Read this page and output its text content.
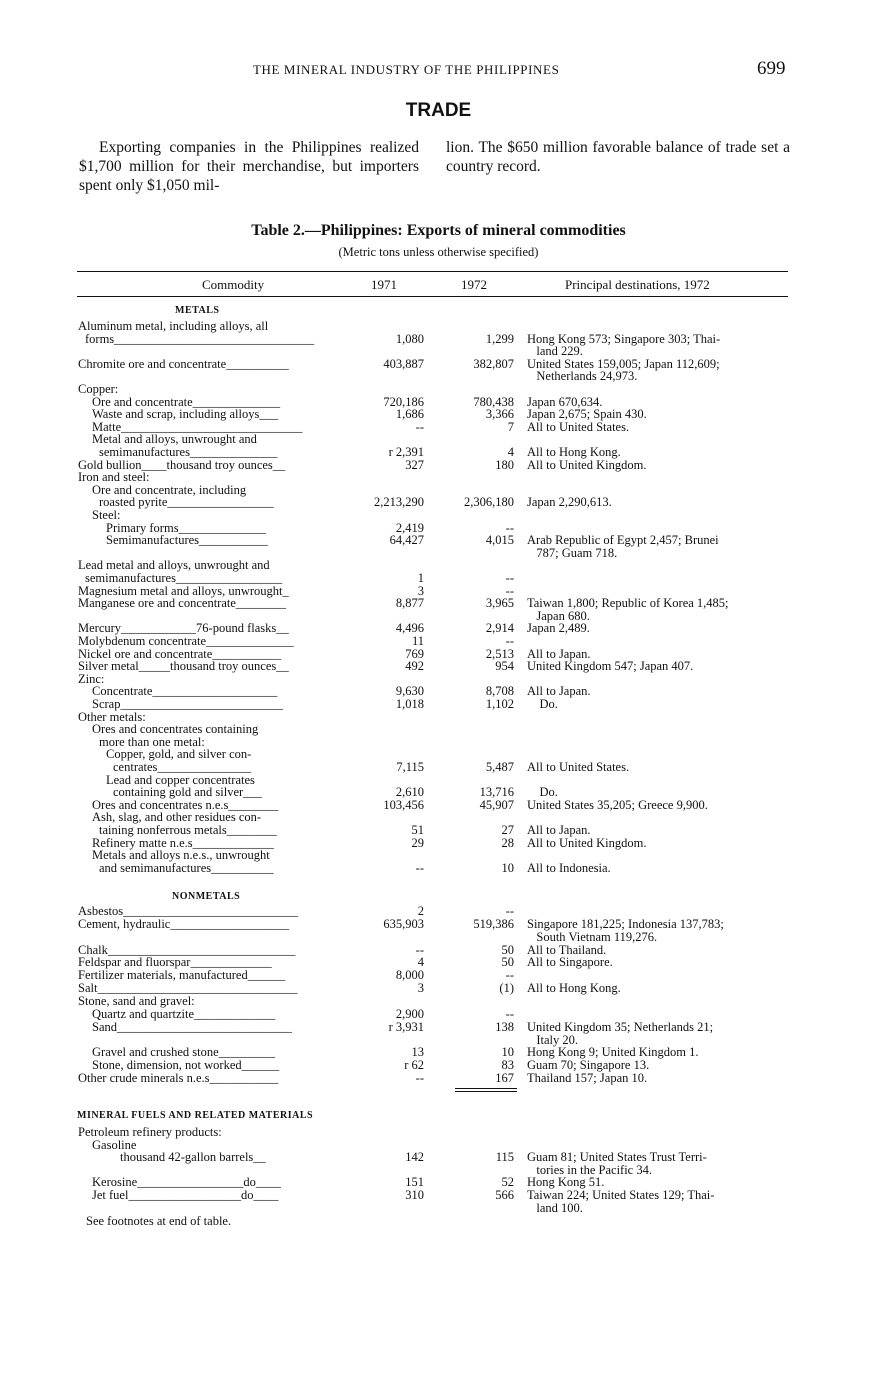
THE MINERAL INDUSTRY OF THE PHILIPPINES	699
TRADE
Exporting companies in the Philippines realized $1,700 million for their merchandise, but importers spent only $1,050 mil-
lion. The $650 million favorable balance of trade set a country record.
Table 2.—Philippines: Exports of mineral commodities
(Metric tons unless otherwise specified)
Commodity	1971	1972	Principal destinations, 1972
METALS
Aluminum metal, including alloys, all
forms________________________________	1,080	1,299 Hong Kong 573; Singapore 303; Thai-
land 229.
Chromite ore and concentrate__________	403,887	382,807 United States 159,005; Japan 112,609;
Netherlands 24,973.
Copper:
Ore and concentrate______________	720,186	780,438 Japan 670,634.
Waste and scrap, including alloys___	1,686	3,366 Japan 2,675; Spain 430.
Matte_____________________________	--	7 All to United States.
Metal and alloys, unwrought and
semimanufactures______________	r 2,391	4 All to Hong Kong.
Gold bullion____thousand troy ounces__	327	180 All to United Kingdom.
Iron and steel:
Ore and concentrate, including
roasted pyrite_________________	2,213,290	2,306,180 Japan 2,290,613.
Steel:
Primary forms______________	2,419	--
Semimanufactures___________	64,427	4,015 Arab Republic of Egypt 2,457; Brunei
787; Guam 718.
Lead metal and alloys, unwrought and
semimanufactures_________________	1	--
Magnesium metal and alloys, unwrought_	3	--
Manganese ore and concentrate________	8,877	3,965 Taiwan 1,800; Republic of Korea 1,485;
Japan 680.
Mercury____________76-pound flasks__	4,496	2,914 Japan 2,489.
Molybdenum concentrate______________	11	--
Nickel ore and concentrate___________	769	2,513 All to Japan.
Silver metal_____thousand troy ounces__	492	954 United Kingdom 547; Japan 407.
Zinc:
Concentrate____________________	9,630	8,708 All to Japan.
Scrap__________________________	1,018	1,102 Do.
Other metals:
Ores and concentrates containing
more than one metal:
Copper, gold, and silver con-
centrates_______________	7,115	5,487 All to United States.
Lead and copper concentrates
containing gold and silver___	2,610	13,716 Do.
Ores and concentrates n.e.s________	103,456	45,907 United States 35,205; Greece 9,900.
Ash, slag, and other residues con-
taining nonferrous metals________	51	27 All to Japan.
Refinery matte n.e.s_____________	29	28 All to United Kingdom.
Metals and alloys n.e.s., unwrought
and semimanufactures__________	--	10 All to Indonesia.
NONMETALS
Asbestos____________________________	2	--
Cement, hydraulic___________________	635,903	519,386 Singapore 181,225; Indonesia 137,783;
South Vietnam 119,276.
Chalk______________________________	--	50 All to Thailand.
Feldspar and fluorspar_____________	4	50 All to Singapore.
Fertilizer materials, manufactured______	8,000	--
Salt________________________________	3	(1) All to Hong Kong.
Stone, sand and gravel:
Quartz and quartzite_____________	2,900	--
Sand____________________________	r 3,931	138 United Kingdom 35; Netherlands 21;
Italy 20.
Gravel and crushed stone_________	13	10 Hong Kong 9; United Kingdom 1.
Stone, dimension, not worked______	r 62	83 Guam 70; Singapore 13.
Other crude minerals n.e.s___________	--	167 Thailand 157; Japan 10.
MINERAL FUELS AND RELATED MATERIALS
Petroleum refinery products:
Gasoline
thousand 42-gallon barrels__	142	115 Guam 81; United States Trust Terri-
tories in the Pacific 34.
Kerosine_________________do____	151	52 Hong Kong 51.
Jet fuel__________________do____	310	566 Taiwan 224; United States 129; Thai-
land 100.
See footnotes at end of table.
